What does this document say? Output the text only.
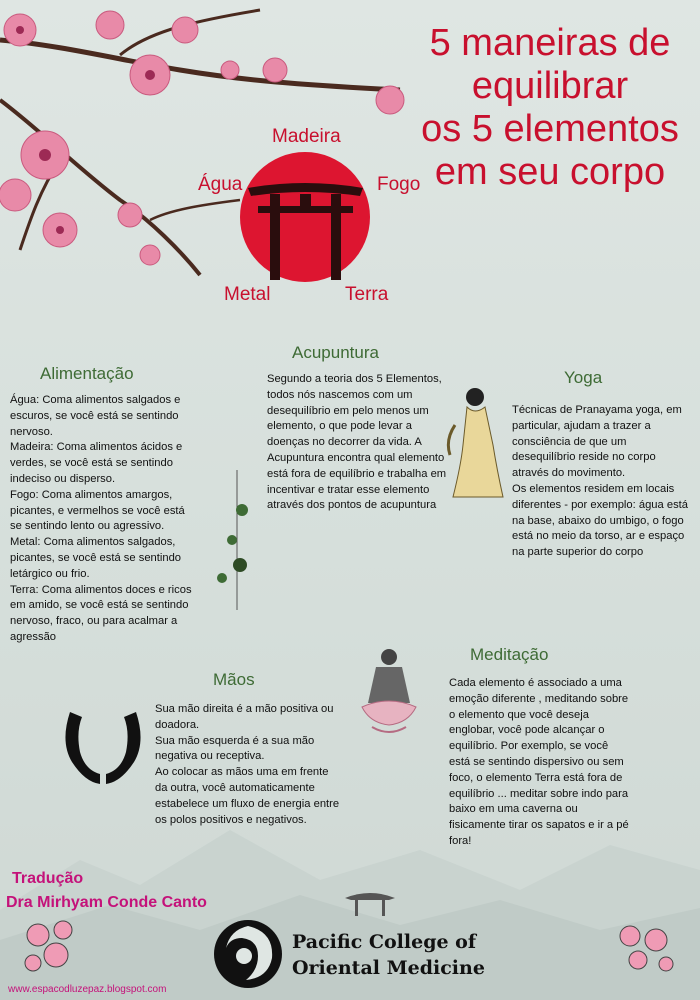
5 maneiras de
equilibrar
os 5 elementos
em seu corpo
Madeira
Água	Fogo
Metal	Terra
Alimentação

Água: Coma alimentos salgados e escuros, se você está se sentindo nervoso.

Madeira: Coma alimentos ácidos e verdes, se você está se sentindo indeciso ou disperso.

Fogo: Coma alimentos amargos, picantes, e vermelhos se você está se sentindo lento ou agressivo.

Metal: Coma alimentos salgados, picantes, se você está se sentindo letárgico ou frio.

Terra: Coma alimentos doces e ricos em amido, se você está se sentindo nervoso, fraco, ou para acalmar a agressão

Acupuntura
Segundo a teoria dos 5 Elementos, todos nós nascemos com um desequilíbrio em pelo menos um elemento, o que pode levar a doenças no decorrer da vida. A Acupuntura encontra qual elemento está fora de equilíbrio e trabalha em incentivar e tratar esse elemento através dos pontos de acupuntura
Yoga

Técnicas de Pranayama yoga, em particular, ajudam a trazer a consciência de que um desequilíbrio reside no corpo através do movimento.

Os elementos residem em locais diferentes - por exemplo: água está na base, abaixo do umbigo, o fogo está no meio da torso, ar e espaço na parte superior do corpo

Mãos

Sua mão direita é a mão positiva ou doadora.

Sua mão esquerda é a sua mão negativa ou receptiva.

Ao colocar as mãos uma em frente da outra, você automaticamente estabelece um fluxo de energia entre os polos positivos e negativos.

Meditação
Cada elemento é associado a uma emoção diferente , meditando sobre o elemento que você deseja englobar, você pode alcançar o equilíbrio. Por exemplo, se você está se sentindo dispersivo ou sem foco, o elemento Terra está fora de equilíbrio ... meditar sobre indo para baixo em uma caverna ou fisicamente tirar os sapatos e ir a pé fora!
Tradução
Dra Mirhyam Conde Canto
Pacific College of
Oriental Medicine
www.espacodluzepaz.blogspot.com
